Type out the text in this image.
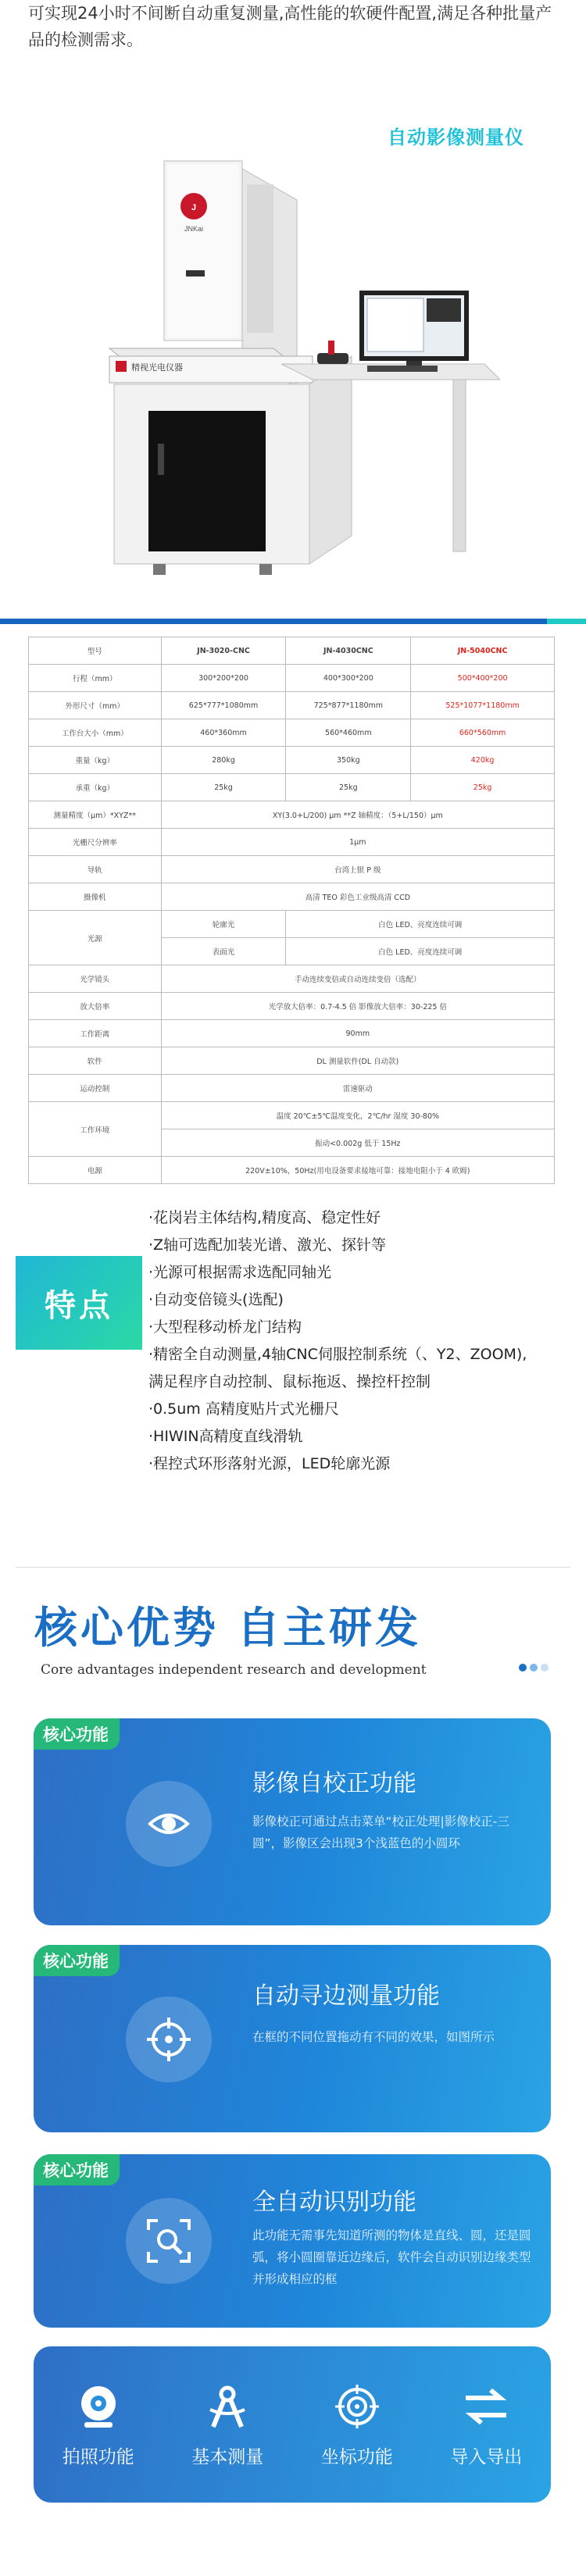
可实现24小时不间断自动重复测量,高性能的软硬件配置,满足各种批量产品的检测需求。
自动影像测量仪
J
JNKai
精视光电仪器
型号	JN-3020-CNC	JN-4030CNC	JN-5040CNC
行程（mm）	300*200*200	400*300*200	500*400*200
外形尺寸（mm）	625*777*1080mm	725*877*1180mm	525*1077*1180mm
工作台大小（mm）	460*360mm	560*460mm	660*560mm
重量（kg）	280kg	350kg	420kg
承重（kg）	25kg	25kg	25kg
测量精度（μm）*XYZ**	XY(3.0+L/200) μm **Z 轴精度：（5+L/150）μm		
光栅尺分辨率	1μm		
导轨	台湾上银 P 级		
摄像机	高清 TEO 彩色工业级高清 CCD		
光源	轮廓光	白色 LED、亮度连续可调	
	表面光	白色 LED、亮度连续可调	
光学镜头	手动连续变倍或自动连续变倍（选配）		
放大倍率	光学放大倍率：0.7-4.5 倍 影像放大倍率：30-225 倍		
工作距离	90mm		
软件	DL 测量软件(DL 自动款)		
运动控制	雷速驱动		
工作环境	温度 20℃±5℃温度变化，2℃/hr 湿度 30-80%		
	振动<0.002g 低于 15Hz		
电源	220V±10%，50Hz(用电设备要求接地可靠：接地电阻小于 4 欧姆)		
特点
·花岗岩主体结构,精度高、稳定性好
·Z轴可选配加装光谱、激光、探针等
·光源可根据需求选配同轴光
·自动变倍镜头(选配)
·大型程移动桥龙门结构
·精密全自动测量,4轴CNC伺服控制系统（、Y2、ZOOM),
满足程序自动控制、鼠标拖返、操控杆控制
·0.5um 高精度贴片式光栅尺
·HIWIN高精度直线滑轨
·程控式环形落射光源，LED轮廓光源
核心优势 自主研发
Core advantages independent research and development
核心功能
影像自校正功能
影像校正可通过点击菜单“校正处理|影像校正-三圆”，影像区会出现3个浅蓝色的小圆环
核心功能
自动寻边测量功能
在框的不同位置拖动有不同的效果，如图所示
核心功能
全自动识别功能
此功能无需事先知道所测的物体是直线、圆，还是圆弧，将小圆圈靠近边缘后，软件会自动识别边缘类型并形成相应的框
拍照功能	基本测量	坐标功能	导入导出
